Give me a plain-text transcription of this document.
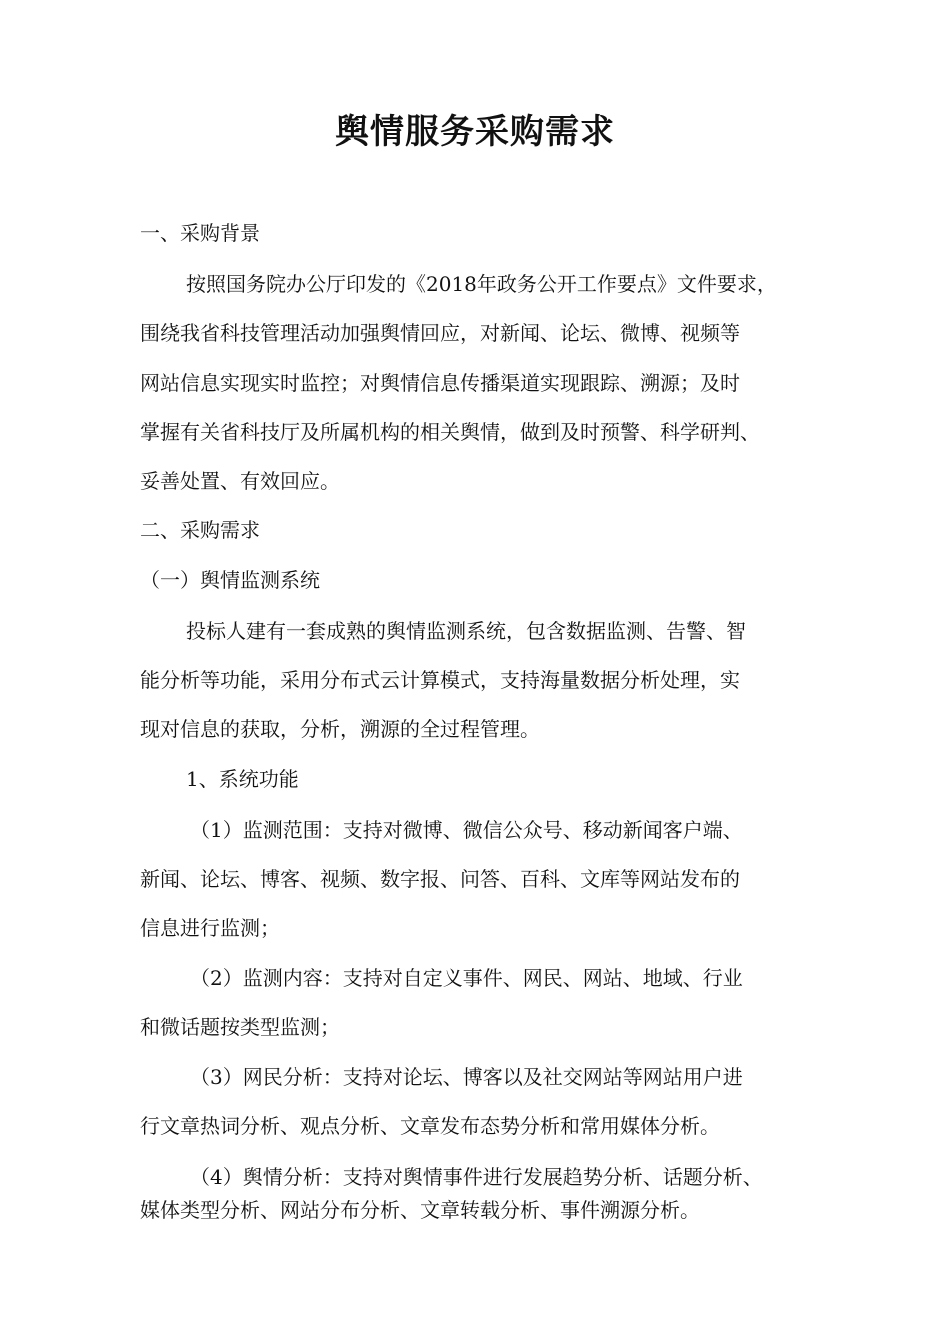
舆情服务采购需求
一、采购背景
按照国务院办公厅印发的《2018年政务公开工作要点》文件要求，
围绕我省科技管理活动加强舆情回应，对新闻、论坛、微博、视频等
网站信息实现实时监控；对舆情信息传播渠道实现跟踪、溯源；及时
掌握有关省科技厅及所属机构的相关舆情，做到及时预警、科学研判、
妥善处置、有效回应。
二、采购需求
（一）舆情监测系统
投标人建有一套成熟的舆情监测系统，包含数据监测、告警、智
能分析等功能，采用分布式云计算模式，支持海量数据分析处理，实
现对信息的获取，分析，溯源的全过程管理。
1、系统功能
（1）监测范围：支持对微博、微信公众号、移动新闻客户端、
新闻、论坛、博客、视频、数字报、问答、百科、文库等网站发布的
信息进行监测；
（2）监测内容：支持对自定义事件、网民、网站、地域、行业
和微话题按类型监测；
（3）网民分析：支持对论坛、博客以及社交网站等网站用户进
行文章热词分析、观点分析、文章发布态势分析和常用媒体分析。
（4）舆情分析：支持对舆情事件进行发展趋势分析、话题分析、
媒体类型分析、网站分布分析、文章转载分析、事件溯源分析。
